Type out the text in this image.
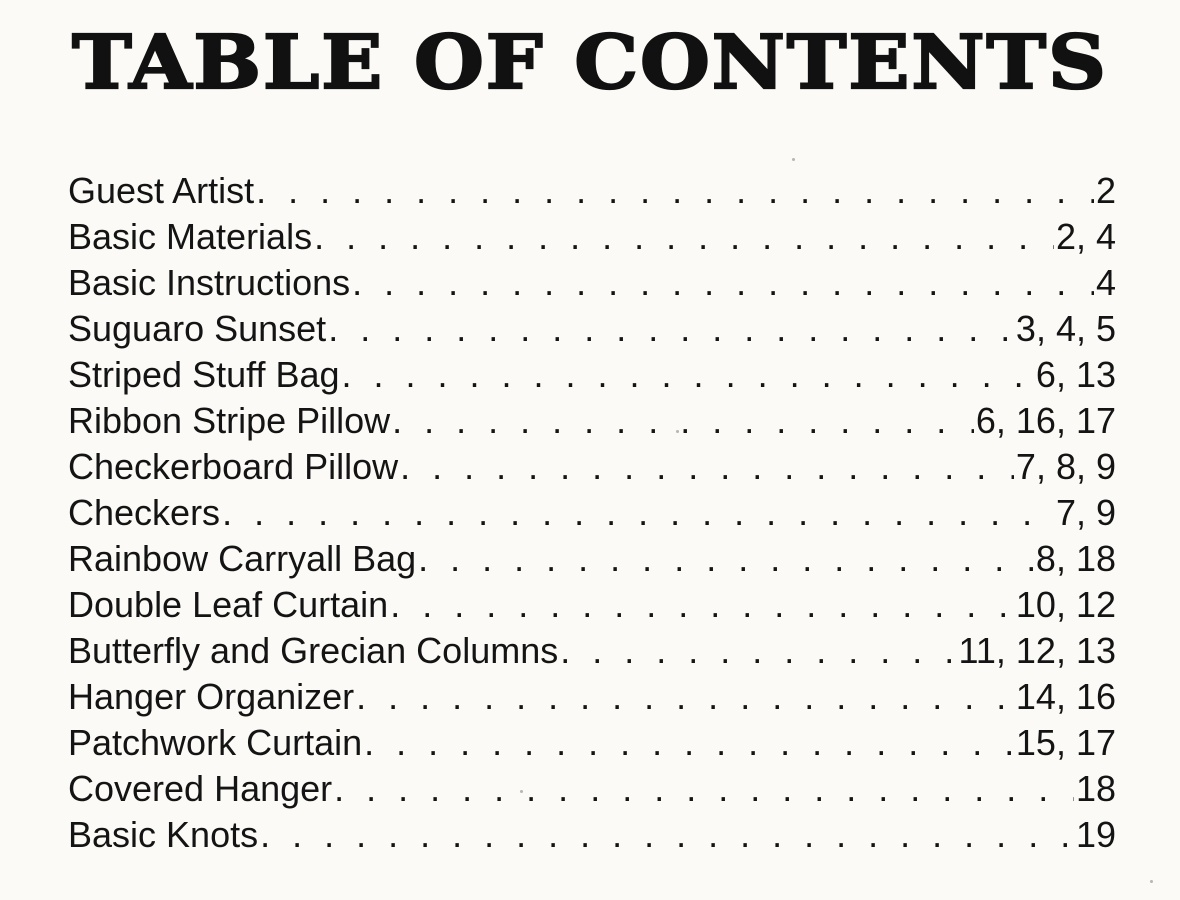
TABLE OF CONTENTS
Guest Artist . . .	2
Basic Materials . . .	2, 4
Basic Instructions . . .	4
Suguaro Sunset . . .	3, 4, 5
Striped Stuff Bag . . .	6, 13
Ribbon Stripe Pillow . . .	6, 16, 17
Checkerboard Pillow . . .	7, 8, 9
Checkers . . .	7, 9
Rainbow Carryall Bag . . .	8, 18
Double Leaf Curtain . . .	10, 12
Butterfly and Grecian Columns . . .	11, 12, 13
Hanger Organizer . . .	14, 16
Patchwork Curtain . . .	15, 17
Covered Hanger . . .	18
Basic Knots . . .	19
